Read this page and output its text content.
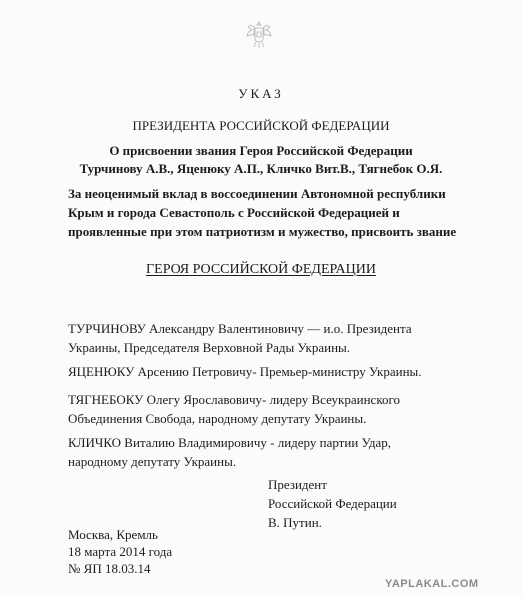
УКАЗ
ПРЕЗИДЕНТА РОССИЙСКОЙ ФЕДЕРАЦИИ
О присвоении звания Героя Российской Федерации
Турчинову А.В., Яценюку А.П., Кличко Вит.В., Тягнебок О.Я.
За неоценимый вклад в воссоединении Автономной республики
Крым и города Севастополь с Российской Федерацией и
проявленные при этом патриотизм и мужество, присвоить звание
ГЕРОЯ РОССИЙСКОЙ ФЕДЕРАЦИИ
ТУРЧИНОВУ Александру Валентиновичу — и.о. Президента
Украины, Председателя Верховной Рады Украины.
ЯЦЕНЮКУ Арсению Петровичу- Премьер-министру Украины.
ТЯГНЕБОКУ Олегу Ярославовичу- лидеру Всеукраинского
Объединения Свобода, народному депутату Украины.
КЛИЧКО Виталию Владимировичу - лидеру партии Удар,
народному депутату Украины.
Президент
Российской Федерации
В. Путин.
Москва, Кремль
18 марта 2014 года
№ ЯП 18.03.14
YAPLAKAL.COM
